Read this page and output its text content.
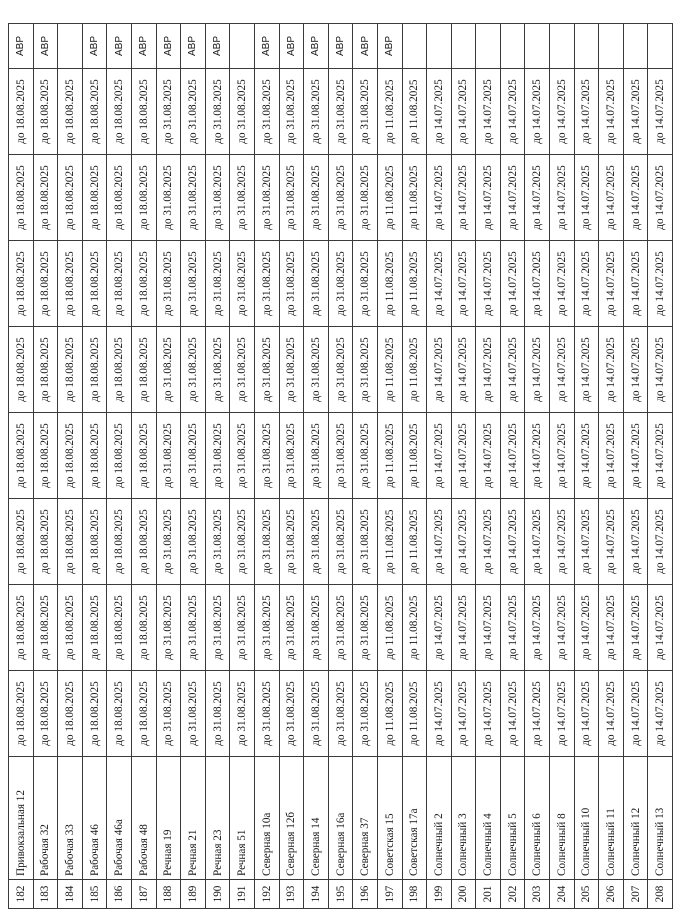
182	Привокзальная 12	до 18.08.2025	до 18.08.2025	до 18.08.2025	до 18.08.2025	до 18.08.2025	до 18.08.2025	до 18.08.2025	до 18.08.2025	АВР
183	Рабочая 32	до 18.08.2025	до 18.08.2025	до 18.08.2025	до 18.08.2025	до 18.08.2025	до 18.08.2025	до 18.08.2025	до 18.08.2025	АВР
184	Рабочая 33	до 18.08.2025	до 18.08.2025	до 18.08.2025	до 18.08.2025	до 18.08.2025	до 18.08.2025	до 18.08.2025	до 18.08.2025	
185	Рабочая 46	до 18.08.2025	до 18.08.2025	до 18.08.2025	до 18.08.2025	до 18.08.2025	до 18.08.2025	до 18.08.2025	до 18.08.2025	АВР
186	Рабочая 46а	до 18.08.2025	до 18.08.2025	до 18.08.2025	до 18.08.2025	до 18.08.2025	до 18.08.2025	до 18.08.2025	до 18.08.2025	АВР
187	Рабочая 48	до 18.08.2025	до 18.08.2025	до 18.08.2025	до 18.08.2025	до 18.08.2025	до 18.08.2025	до 18.08.2025	до 18.08.2025	АВР
188	Речная 19	до 31.08.2025	до 31.08.2025	до 31.08.2025	до 31.08.2025	до 31.08.2025	до 31.08.2025	до 31.08.2025	до 31.08.2025	АВР
189	Речная 21	до 31.08.2025	до 31.08.2025	до 31.08.2025	до 31.08.2025	до 31.08.2025	до 31.08.2025	до 31.08.2025	до 31.08.2025	АВР
190	Речная 23	до 31.08.2025	до 31.08.2025	до 31.08.2025	до 31.08.2025	до 31.08.2025	до 31.08.2025	до 31.08.2025	до 31.08.2025	АВР
191	Речная 51	до 31.08.2025	до 31.08.2025	до 31.08.2025	до 31.08.2025	до 31.08.2025	до 31.08.2025	до 31.08.2025	до 31.08.2025	
192	Северная 10а	до 31.08.2025	до 31.08.2025	до 31.08.2025	до 31.08.2025	до 31.08.2025	до 31.08.2025	до 31.08.2025	до 31.08.2025	АВР
193	Северная 12б	до 31.08.2025	до 31.08.2025	до 31.08.2025	до 31.08.2025	до 31.08.2025	до 31.08.2025	до 31.08.2025	до 31.08.2025	АВР
194	Северная 14	до 31.08.2025	до 31.08.2025	до 31.08.2025	до 31.08.2025	до 31.08.2025	до 31.08.2025	до 31.08.2025	до 31.08.2025	АВР
195	Северная 16а	до 31.08.2025	до 31.08.2025	до 31.08.2025	до 31.08.2025	до 31.08.2025	до 31.08.2025	до 31.08.2025	до 31.08.2025	АВР
196	Северная 37	до 31.08.2025	до 31.08.2025	до 31.08.2025	до 31.08.2025	до 31.08.2025	до 31.08.2025	до 31.08.2025	до 31.08.2025	АВР
197	Советская 15	до 11.08.2025	до 11.08.2025	до 11.08.2025	до 11.08.2025	до 11.08.2025	до 11.08.2025	до 11.08.2025	до 11.08.2025	АВР
198	Советская 17а	до 11.08.2025	до 11.08.2025	до 11.08.2025	до 11.08.2025	до 11.08.2025	до 11.08.2025	до 11.08.2025	до 11.08.2025	
199	Солнечный 2	до 14.07.2025	до 14.07.2025	до 14.07.2025	до 14.07.2025	до 14.07.2025	до 14.07.2025	до 14.07.2025	до 14.07.2025	
200	Солнечный 3	до 14.07.2025	до 14.07.2025	до 14.07.2025	до 14.07.2025	до 14.07.2025	до 14.07.2025	до 14.07.2025	до 14.07.2025	
201	Солнечный 4	до 14.07.2025	до 14.07.2025	до 14.07.2025	до 14.07.2025	до 14.07.2025	до 14.07.2025	до 14.07.2025	до 14.07.2025	
202	Солнечный 5	до 14.07.2025	до 14.07.2025	до 14.07.2025	до 14.07.2025	до 14.07.2025	до 14.07.2025	до 14.07.2025	до 14.07.2025	
203	Солнечный 6	до 14.07.2025	до 14.07.2025	до 14.07.2025	до 14.07.2025	до 14.07.2025	до 14.07.2025	до 14.07.2025	до 14.07.2025	
204	Солнечный 8	до 14.07.2025	до 14.07.2025	до 14.07.2025	до 14.07.2025	до 14.07.2025	до 14.07.2025	до 14.07.2025	до 14.07.2025	
205	Солнечный 10	до 14.07.2025	до 14.07.2025	до 14.07.2025	до 14.07.2025	до 14.07.2025	до 14.07.2025	до 14.07.2025	до 14.07.2025	
206	Солнечный 11	до 14.07.2025	до 14.07.2025	до 14.07.2025	до 14.07.2025	до 14.07.2025	до 14.07.2025	до 14.07.2025	до 14.07.2025	
207	Солнечный 12	до 14.07.2025	до 14.07.2025	до 14.07.2025	до 14.07.2025	до 14.07.2025	до 14.07.2025	до 14.07.2025	до 14.07.2025	
208	Солнечный 13	до 14.07.2025	до 14.07.2025	до 14.07.2025	до 14.07.2025	до 14.07.2025	до 14.07.2025	до 14.07.2025	до 14.07.2025	
